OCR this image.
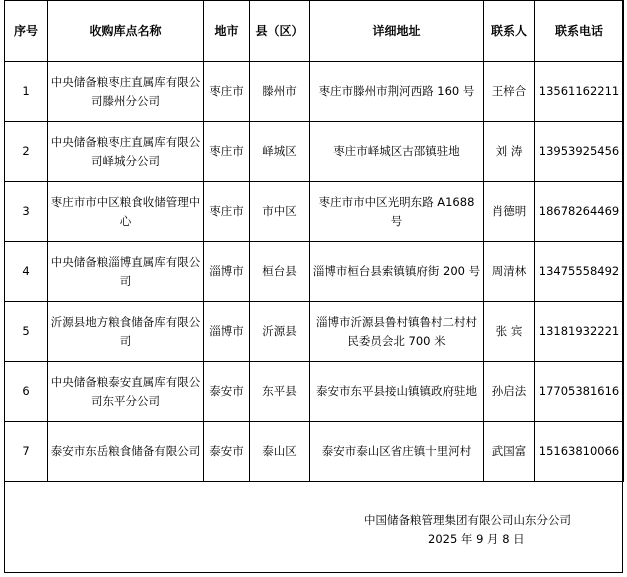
序号	收购库点名称	地市	县（区）	详细地址	联系人	联系电话
1	中央储备粮枣庄直属库有限公司滕州分公司	枣庄市	滕州市	枣庄市滕州市荆河西路 160 号	王梓合	13561162211
2	中央储备粮枣庄直属库有限公司峄城分公司	枣庄市	峄城区	枣庄市峄城区古邵镇驻地	刘 涛	13953925456
3	枣庄市市中区粮食收储管理中心	枣庄市	市中区	枣庄市市中区光明东路 A1688 号	肖德明	18678264469
4	中央储备粮淄博直属库有限公司	淄博市	桓台县	淄博市桓台县索镇镇府街 200 号	周清林	13475558492
5	沂源县地方粮食储备库有限公司	淄博市	沂源县	淄博市沂源县鲁村镇鲁村二村村民委员会北 700 米	张 宾	13181932221
6	中央储备粮泰安直属库有限公司东平分公司	泰安市	东平县	泰安市东平县接山镇镇政府驻地	孙启法	17705381616
7	泰安市东岳粮食储备有限公司	泰安市	泰山区	泰安市泰山区省庄镇十里河村	武国富	15163810066
中国储备粮管理集团有限公司山东分公司
2025 年 9 月 8 日
